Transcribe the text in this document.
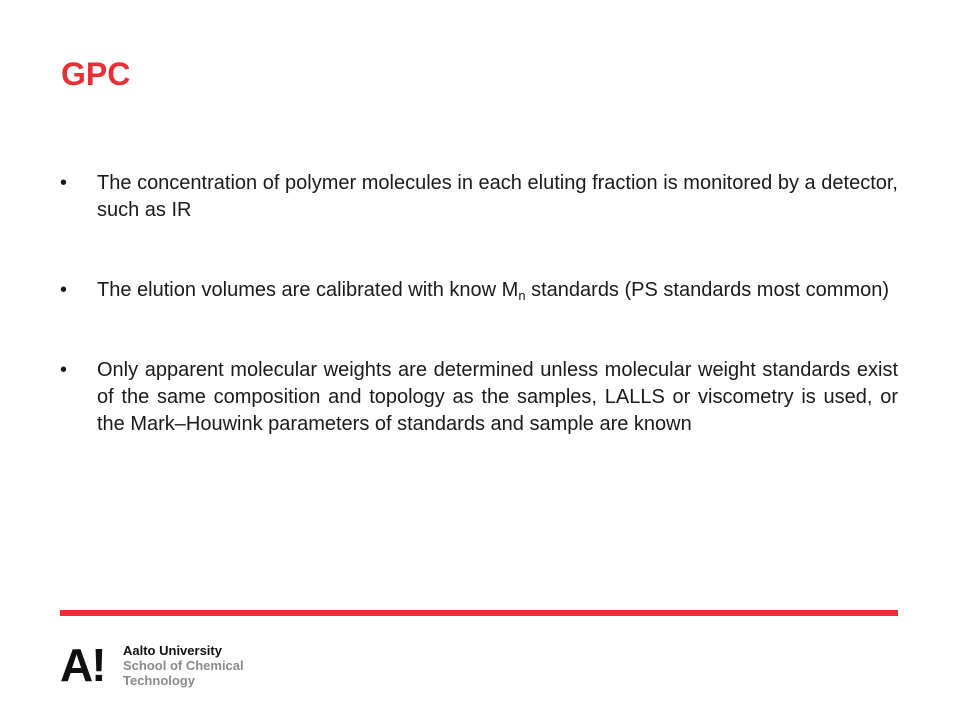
GPC
•	The concentration of polymer molecules in each eluting fraction is monitored by a detector, such as IR
•	The elution volumes are calibrated with know $M_n$ standards (PS standards most common)
•	Only apparent molecular weights are determined unless molecular weight standards exist of the same composition and topology as the samples, LALLS or viscometry is used, or the Mark–Houwink parameters of standards and sample are known
A! Aalto University
School of Chemical
Technology
